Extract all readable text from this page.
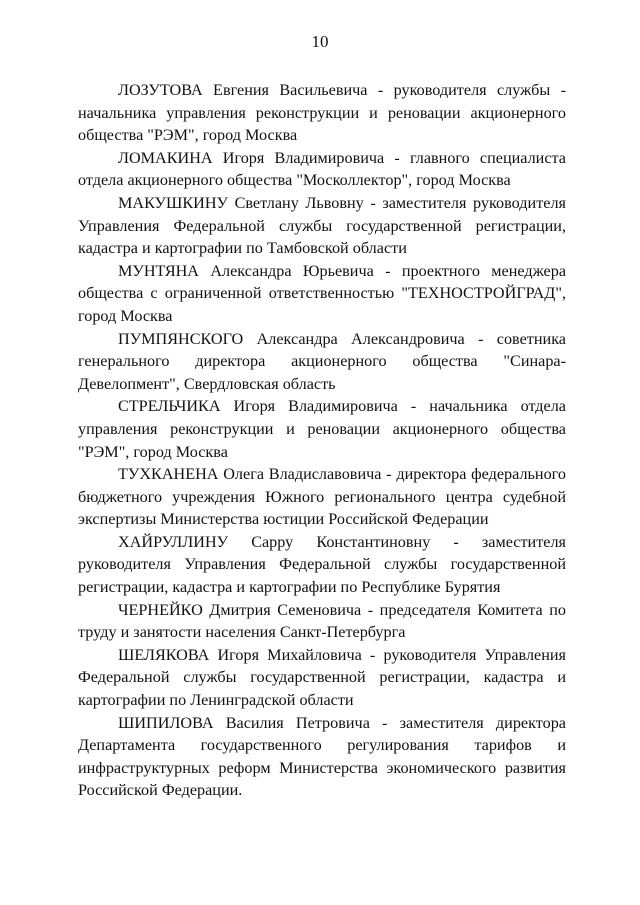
10

ЛОЗУТОВА Евгения Васильевича - руководителя службы - начальника управления реконструкции и реновации акционерного общества "РЭМ", город Москва

ЛОМАКИНА Игоря Владимировича - главного специалиста отдела акционерного общества "Москоллектор", город Москва

МАКУШКИНУ Светлану Львовну - заместителя руководителя Управления Федеральной службы государственной регистрации, кадастра и картографии по Тамбовской области

МУНТЯНА Александра Юрьевича - проектного менеджера общества с ограниченной ответственностью "ТЕХНОСТРОЙГРАД", город Москва

ПУМПЯНСКОГО Александра Александровича - советника генерального директора акционерного общества "Синара-Девелопмент", Свердловская область

СТРЕЛЬЧИКА Игоря Владимировича - начальника отдела управления реконструкции и реновации акционерного общества "РЭМ", город Москва

ТУХКАНЕНА Олега Владиславовича - директора федерального бюджетного учреждения Южного регионального центра судебной экспертизы Министерства юстиции Российской Федерации

ХАЙРУЛЛИНУ Сарру Константиновну - заместителя руководителя Управления Федеральной службы государственной регистрации, кадастра и картографии по Республике Бурятия

ЧЕРНЕЙКО Дмитрия Семеновича - председателя Комитета по труду и занятости населения Санкт-Петербурга

ШЕЛЯКОВА Игоря Михайловича - руководителя Управления Федеральной службы государственной регистрации, кадастра и картографии по Ленинградской области

ШИПИЛОВА Василия Петровича - заместителя директора Департамента государственного регулирования тарифов и инфраструктурных реформ Министерства экономического развития Российской Федерации.
